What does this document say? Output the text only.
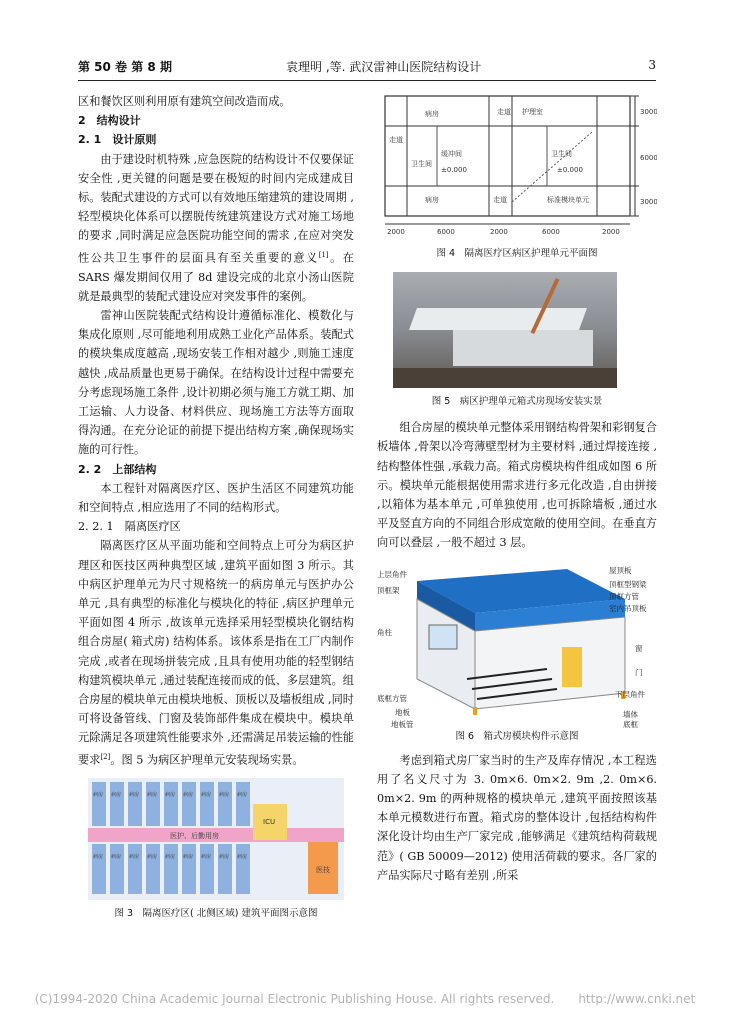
第 50 卷 第 8 期	袁理明 ,等. 武汉雷神山医院结构设计	3

区和餐饮区则利用原有建筑空间改造而成。

2　结构设计

2. 1　设计原则

由于建设时机特殊 ,应急医院的结构设计不仅要保证安全性 ,更关键的问题是要在极短的时间内完成建成目标。装配式建设的方式可以有效地压缩建筑的建设周期 ,轻型模块化体系可以摆脱传统建筑建设方式对施工场地的要求 ,同时满足应急医院功能空间的需求 ,在应对突发性公共卫生事件的层面具有至关重要的意义[1]。在 SARS 爆发期间仅用了 8d 建设完成的北京小汤山医院就是最典型的装配式建设应对突发事件的案例。

雷神山医院装配式结构设计遵循标准化、模数化与集成化原则 ,尽可能地利用成熟工业化产品体系。装配式的模块集成度越高 ,现场安装工作相对越少 ,则施工速度越快 ,成品质量也更易于确保。在结构设计过程中需要充分考虑现场施工条件 ,设计初期必须与施工方就工期、加工运输、人力设备、材料供应、现场施工方法等方面取得沟通。在充分论证的前提下提出结构方案 ,确保现场实施的可行性。

2. 2　上部结构

本工程针对隔离医疗区、医护生活区不同建筑功能和空间特点 ,相应选用了不同的结构形式。

2. 2. 1　隔离医疗区

隔离医疗区从平面功能和空间特点上可分为病区护理区和医技区两种典型区域 ,建筑平面如图 3 所示。其中病区护理单元为尺寸规格统一的病房单元与医护办公单元 ,具有典型的标准化与模块化的特征 ,病区护理单元平面如图 4 所示 ,故该单元选择采用轻型模块化钢结构组合房屋( 箱式房) 结构体系。该体系是指在工厂内制作完成 ,或者在现场拼装完成 ,且具有使用功能的轻型钢结构建筑模块单元 ,通过装配连接而成的低、多层建筑。组合房屋的模块单元由模块地板、顶板以及墙板组成 ,同时可将设备管线、门窗及装饰部件集成在模块中。模块单元除满足各项建筑性能要求外 ,还需满足吊装运输的性能要求[2]。图 5 为病区护理单元安装现场实景。

病房
病房
病房
病房
病房
病房
病房
病房
病房
病房
病房
病房
病房
病房
病房
病房
病房
病房
ICU
医护、后勤用房
医技
图 3　隔离医疗区( 北侧区域) 建筑平面图示意图
病房	走道 护理室
走道
卫生间
缓冲间
±0.000	±0.000
卫生间
病房	走道	标准模块单元
2000	6000	2000	6000	2000
3000
6000
3000
图 4　隔离医疗区病区护理单元平面图
图 5　病区护理单元箱式房现场安装实景

组合房屋的模块单元整体采用钢结构骨架和彩钢复合板墙体 ,骨架以冷弯薄壁型材为主要材料 ,通过焊接连接 ,结构整体性强 ,承载力高。箱式房模块构件组成如图 6 所示。模块单元能根据使用需求进行多元化改造 ,自由拼接 ,以箱体为基本单元 ,可单独使用 ,也可拆除墙板 ,通过水平及竖直方向的不同组合形成宽敞的使用空间。在垂直方向可以叠层 ,一般不超过 3 层。

上层角件
顶框架
角柱
底框方管
地板
地板管
屋顶板
顶框型钢梁
顶框方管
室内吊顶板
窗
门
下层角件
墙体
底框
图 6　箱式房模块构件示意图

考虑到箱式房厂家当时的生产及库存情况 ,本工程选用了名义尺寸为 3. 0m×6. 0m×2. 9m ,2. 0m×6. 0m×2. 9m 的两种规格的模块单元 ,建筑平面按照该基本单元模数进行布置。箱式房的整体设计 ,包括结构构件深化设计均由生产厂家完成 ,能够满足《建筑结构荷载规范》( GB 50009—2012) 使用活荷载的要求。各厂家的产品实际尺寸略有差别 ,所采

(C)1994-2020 China Academic Journal Electronic Publishing House. All rights reserved.　　http://www.cnki.net
